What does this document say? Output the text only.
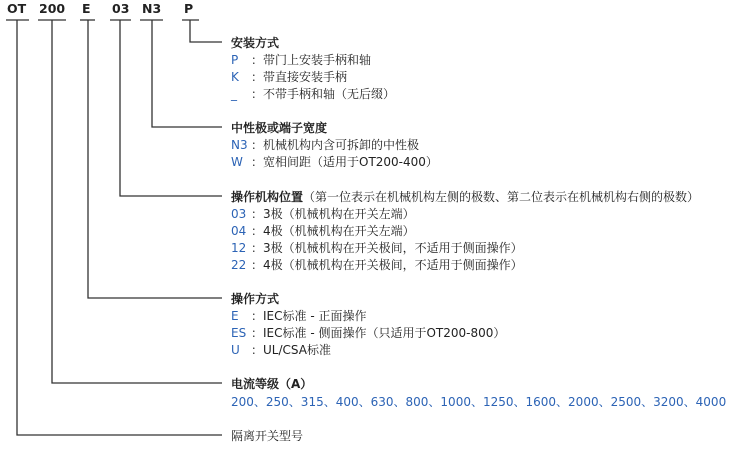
OT 200 E 03 N3 P
安装方式
P ：带门上安装手柄和轴
K ：带直接安装手柄
_ ：不带手柄和轴（无后缀）
中性极或端子宽度
N3 ：机械机构内含可拆卸的中性极
W ：宽相间距（适用于OT200-400）
操作机构位置（第一位表示在机械机构左侧的极数、第二位表示在机械机构右侧的极数）
03 ：3极（机械机构在开关左端）
04 ：4极（机械机构在开关左端）
12 ：3极（机械机构在开关极间，不适用于侧面操作）
22 ：4极（机械机构在开关极间，不适用于侧面操作）
操作方式
E ：IEC标准 - 正面操作
ES ：IEC标准 - 侧面操作（只适用于OT200-800）
U ：UL/CSA标准
电流等级（A）
200、250、315、400、630、800、1000、1250、1600、2000、2500、3200、4000
隔离开关型号
